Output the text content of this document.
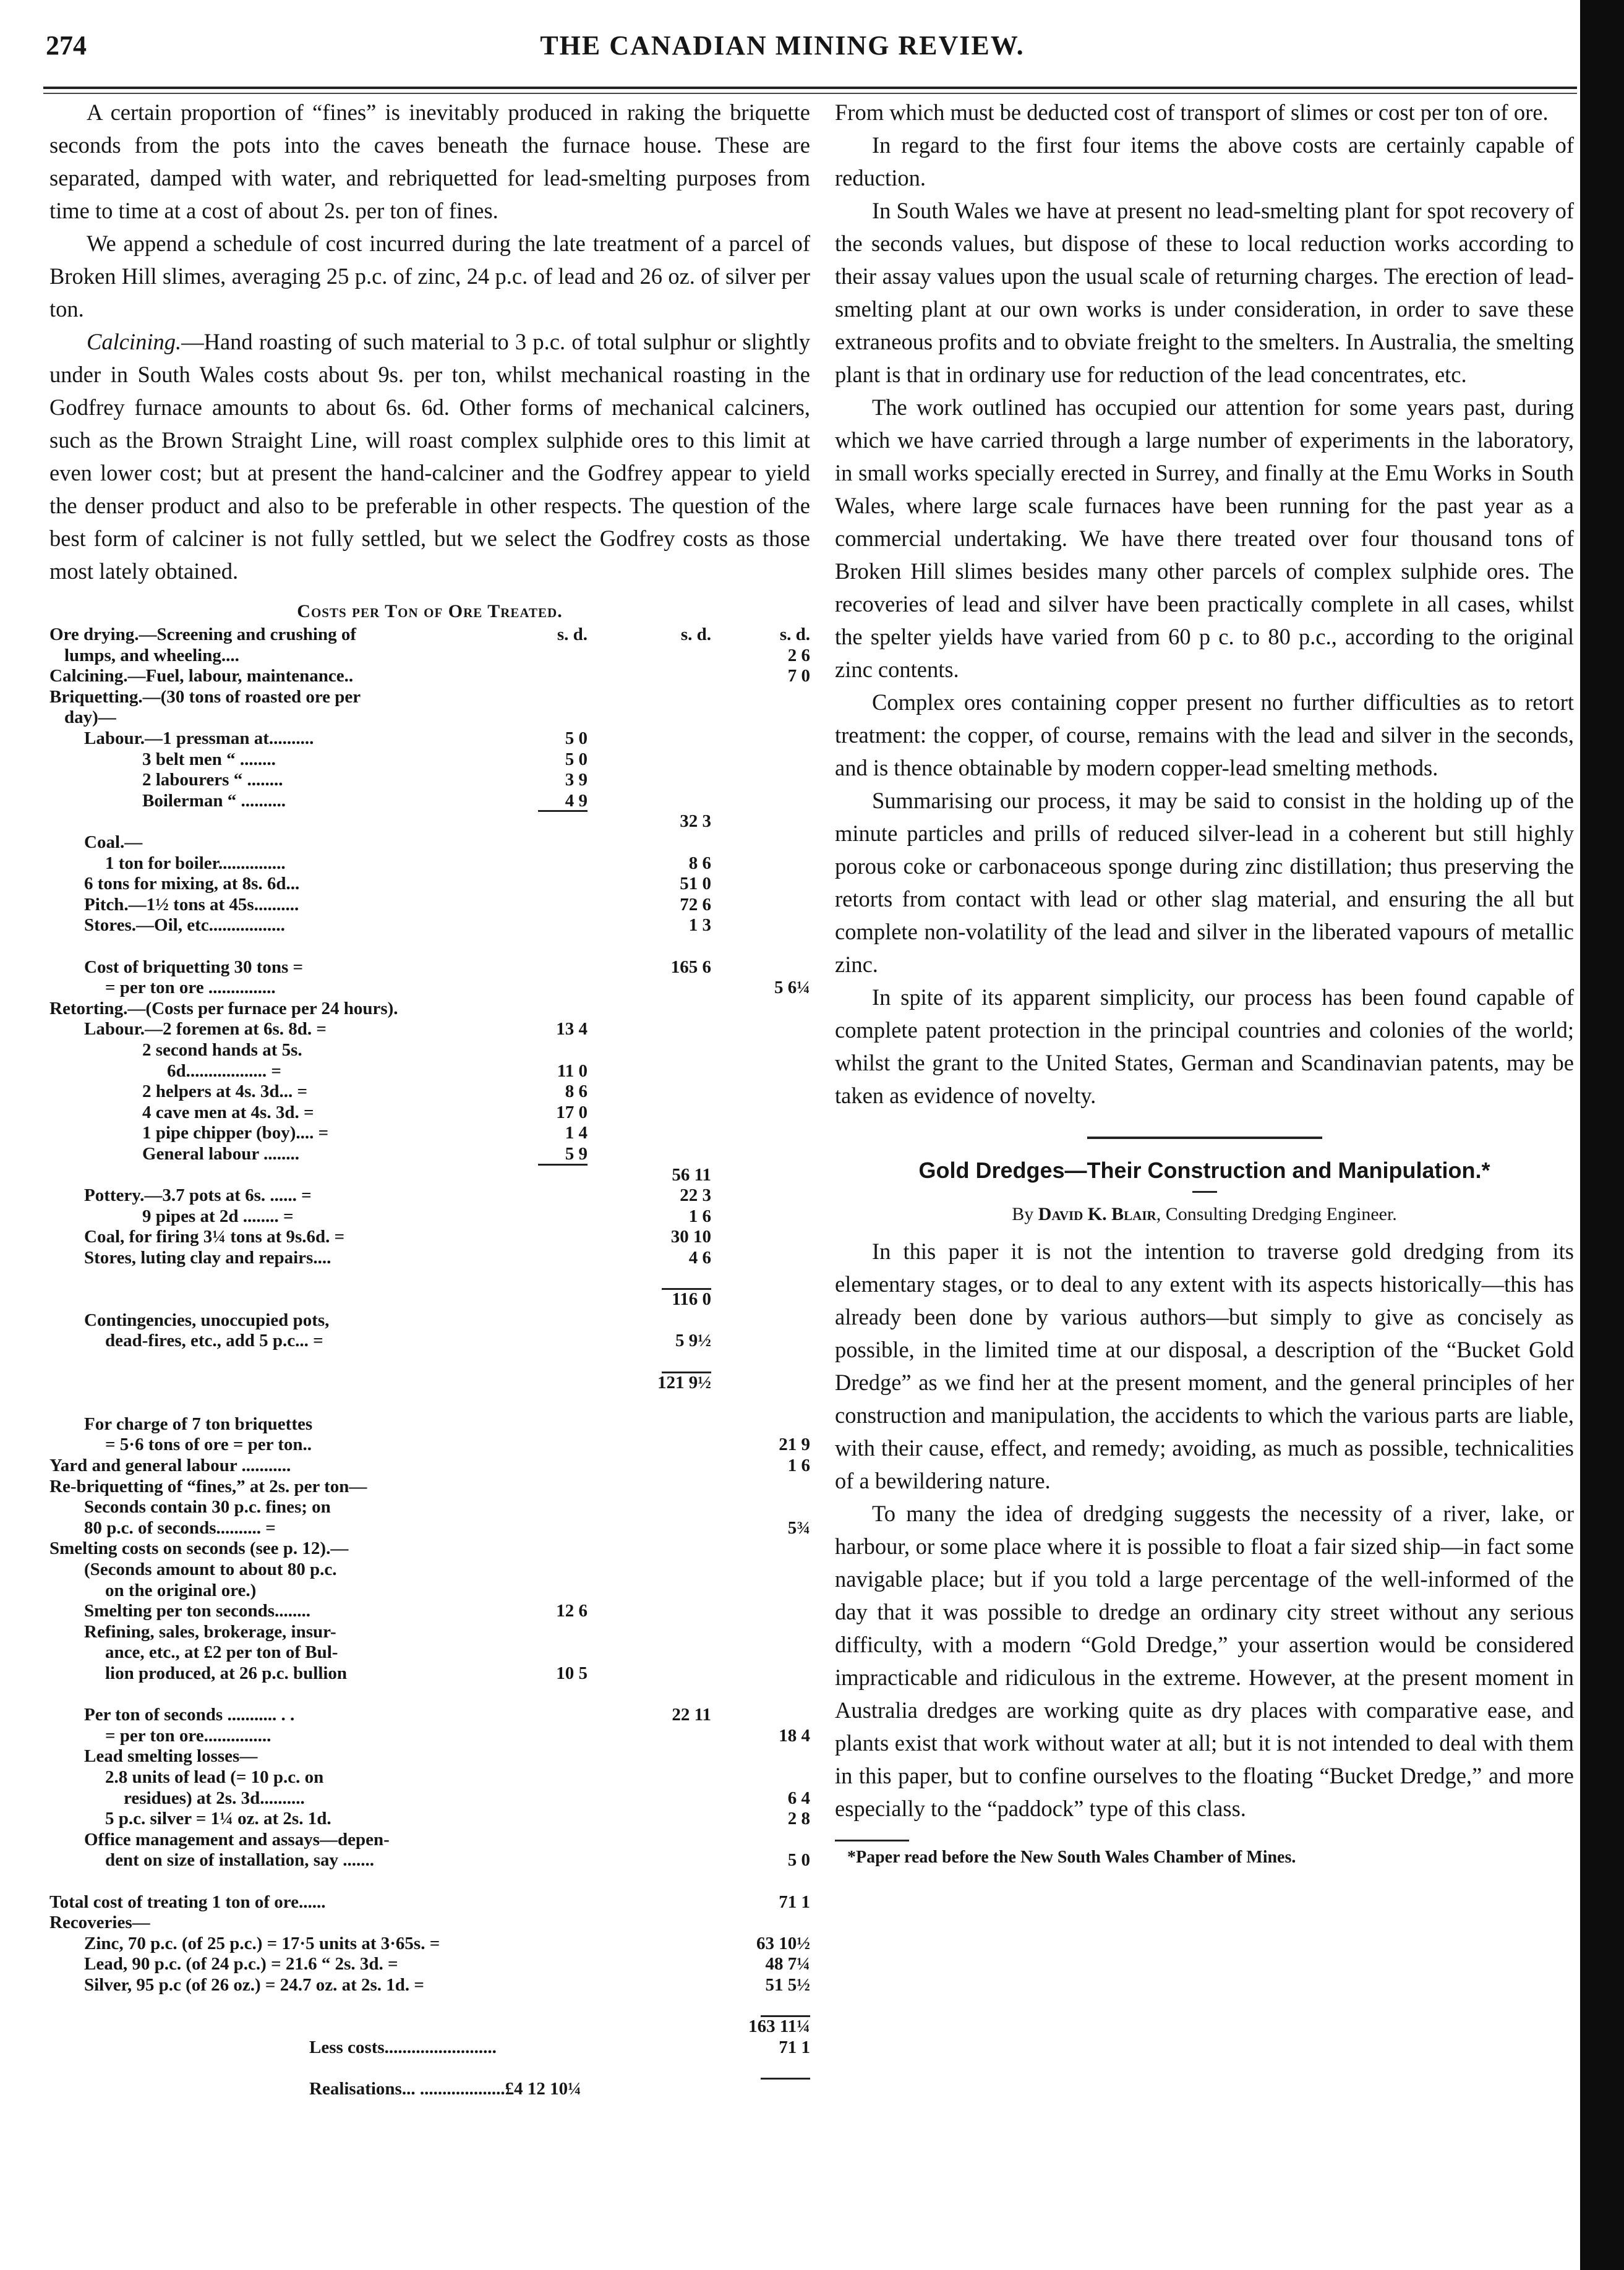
274	THE CANADIAN MINING REVIEW.

A certain proportion of “fines” is inevitably produced in raking the briquette seconds from the pots into the caves beneath the furnace house. These are separated, damped with water, and rebriquetted for lead-smelting purposes from time to time at a cost of about 2s. per ton of fines.

We append a schedule of cost incurred during the late treatment of a parcel of Broken Hill slimes, averaging 25 p.c. of zinc, 24 p.c. of lead and 26 oz. of silver per ton.

Calcining.—Hand roasting of such material to 3 p.c. of total sulphur or slightly under in South Wales costs about 9s. per ton, whilst mechanical roasting in the Godfrey furnace amounts to about 6s. 6d. Other forms of mechanical calciners, such as the Brown Straight Line, will roast complex sulphide ores to this limit at even lower cost; but at present the hand-calciner and the Godfrey appear to yield the denser product and also to be preferable in other respects. The question of the best form of calciner is not fully settled, but we select the Godfrey costs as those most lately obtained.

Costs per Ton of Ore Treated.
Ore drying.—Screening and crushing of	s. d.	s. d.	s. d.
lumps, and wheeling....	2 6
Calcining.—Fuel, labour, maintenance..	7 0
Briquetting.—(30 tons of roasted ore per
day)—
Labour.—1 pressman at..........	5 0
3 belt men “ ........	5 0
2 labourers “ ........	3 9
Boilerman “ ..........	4 9
32 3
Coal.—
1 ton for boiler...............	8 6
6 tons for mixing, at 8s. 6d...	51 0
Pitch.—1½ tons at 45s..........	72 6
Stores.—Oil, etc.................	1 3
Cost of briquetting 30 tons =	165 6
= per ton ore ...............	5 6¼
Retorting.—(Costs per furnace per 24 hours).
Labour.—2 foremen at 6s. 8d. =	13 4
2 second hands at 5s.
6d.................. =	11 0
2 helpers at 4s. 3d... =	8 6
4 cave men at 4s. 3d. =	17 0
1 pipe chipper (boy).... =	1 4
General labour ........	5 9
56 11
Pottery.—3.7 pots at 6s. ...... =	22 3
9 pipes at 2d ........ =	1 6
Coal, for firing 3¼ tons at 9s.6d. =	30 10
Stores, luting clay and repairs....	4 6
116 0
Contingencies, unoccupied pots,
dead-fires, etc., add 5 p.c... =	5 9½
121 9½
For charge of 7 ton briquettes
= 5·6 tons of ore = per ton..	21 9
Yard and general labour ...........	1 6
Re-briquetting of “fines,” at 2s. per ton—
Seconds contain 30 p.c. fines; on
80 p.c. of seconds.......... =	5¾
Smelting costs on seconds (see p. 12).—
(Seconds amount to about 80 p.c.
on the original ore.)
Smelting per ton seconds........	12 6
Refining, sales, brokerage, insur-
ance, etc., at £2 per ton of Bul-
lion produced, at 26 p.c. bullion	10 5
Per ton of seconds ........... . .	22 11
= per ton ore...............	18 4
Lead smelting losses—
2.8 units of lead (= 10 p.c. on
residues) at 2s. 3d..........	6 4
5 p.c. silver = 1¼ oz. at 2s. 1d.	2 8
Office management and assays—depen-
dent on size of installation, say .......	5 0
Total cost of treating 1 ton of ore......	71 1
Recoveries—
Zinc, 70 p.c. (of 25 p.c.) = 17·5 units at 3·65s. =	63 10½
Lead, 90 p.c. (of 24 p.c.) = 21.6 “ 2s. 3d. =	48 7¼
Silver, 95 p.c (of 26 oz.) = 24.7 oz. at 2s. 1d. =	51 5½
163 11¼
Less costs.........................	71 1
Realisations... ...................£4 12 10¼

From which must be deducted cost of transport of slimes or cost per ton of ore.

In regard to the first four items the above costs are certainly capable of reduction.

In South Wales we have at present no lead-smelting plant for spot recovery of the seconds values, but dispose of these to local reduction works according to their assay values upon the usual scale of returning charges. The erection of lead-smelting plant at our own works is under consideration, in order to save these extraneous profits and to obviate freight to the smelters. In Australia, the smelting plant is that in ordinary use for reduction of the lead concentrates, etc.

The work outlined has occupied our attention for some years past, during which we have carried through a large number of experiments in the laboratory, in small works specially erected in Surrey, and finally at the Emu Works in South Wales, where large scale furnaces have been running for the past year as a commercial undertaking. We have there treated over four thousand tons of Broken Hill slimes besides many other parcels of complex sulphide ores. The recoveries of lead and silver have been practically complete in all cases, whilst the spelter yields have varied from 60 p c. to 80 p.c., according to the original zinc contents.

Complex ores containing copper present no further difficulties as to retort treatment: the copper, of course, remains with the lead and silver in the seconds, and is thence obtainable by modern copper-lead smelting methods.

Summarising our process, it may be said to consist in the holding up of the minute particles and prills of reduced silver-lead in a coherent but still highly porous coke or carbonaceous sponge during zinc distillation; thus preserving the retorts from contact with lead or other slag material, and ensuring the all but complete non-volatility of the lead and silver in the liberated vapours of metallic zinc.

In spite of its apparent simplicity, our process has been found capable of complete patent protection in the principal countries and colonies of the world; whilst the grant to the United States, German and Scandinavian patents, may be taken as evidence of novelty.

Gold Dredges—Their Construction and Manipulation.*
By David K. Blair, Consulting Dredging Engineer.

In this paper it is not the intention to traverse gold dredging from its elementary stages, or to deal to any extent with its aspects historically—this has already been done by various authors—but simply to give as concisely as possible, in the limited time at our disposal, a description of the “Bucket Gold Dredge” as we find her at the present moment, and the general principles of her construction and manipulation, the accidents to which the various parts are liable, with their cause, effect, and remedy; avoiding, as much as possible, technicalities of a bewildering nature.

To many the idea of dredging suggests the necessity of a river, lake, or harbour, or some place where it is possible to float a fair sized ship—in fact some navigable place; but if you told a large percentage of the well-informed of the day that it was possible to dredge an ordinary city street without any serious difficulty, with a modern “Gold Dredge,” your assertion would be considered impracticable and ridiculous in the extreme. However, at the present moment in Australia dredges are working quite as dry places with comparative ease, and plants exist that work without water at all; but it is not intended to deal with them in this paper, but to confine ourselves to the floating “Bucket Dredge,” and more especially to the “paddock” type of this class.

*Paper read before the New South Wales Chamber of Mines.
